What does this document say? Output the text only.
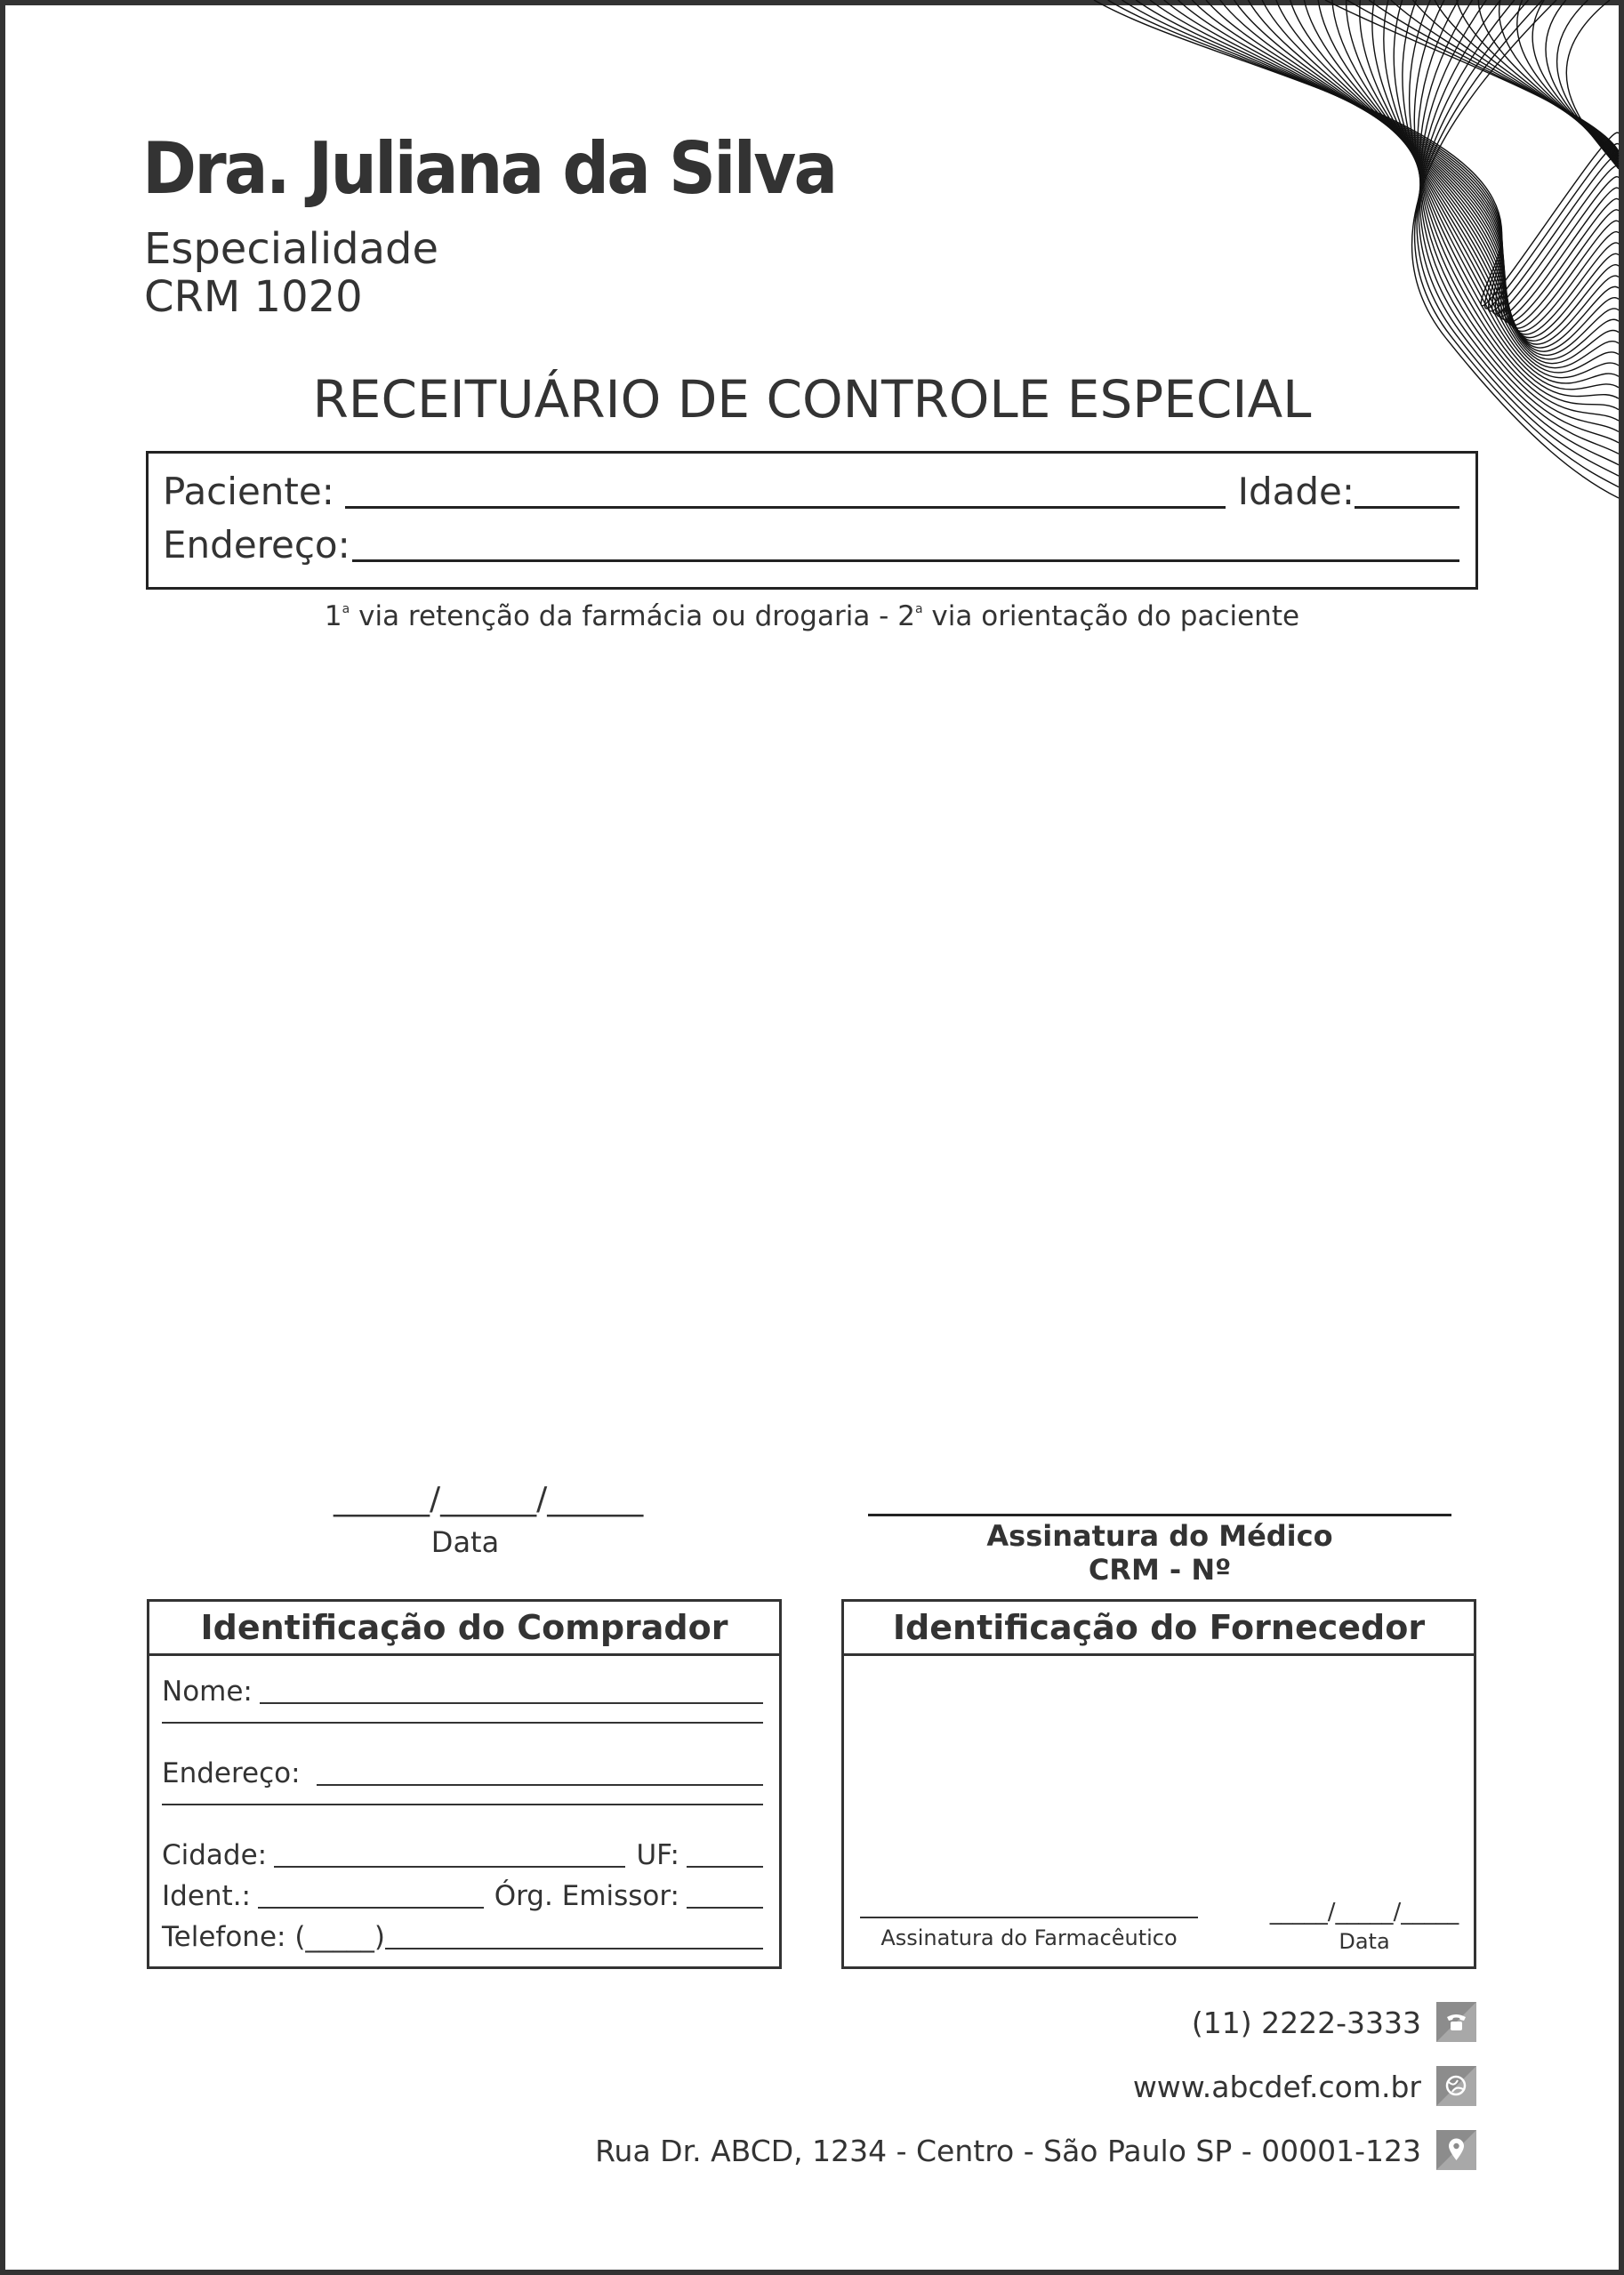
Dra. Juliana da Silva
Especialidade
CRM 1020
RECEITUÁRIO DE CONTROLE ESPECIAL
Paciente:	Idade:
Endereço:
1$^a$ via retenção da farmácia ou drogaria - 2$^a$ via orientação do paciente
______/______/______
Data	Assinatura do Médico
CRM - Nº
Identificação do Comprador
Nome:
Endereço:
Cidade:	UF:
Ident.:	Órg. Emissor:
Telefone: (_____)
Identificação do Fornecedor
Assinatura do Farmacêutico
_____/_____/_____
Data
(11) 2222-3333
www.abcdef.com.br
Rua Dr. ABCD, 1234 - Centro - São Paulo SP - 00001-123
